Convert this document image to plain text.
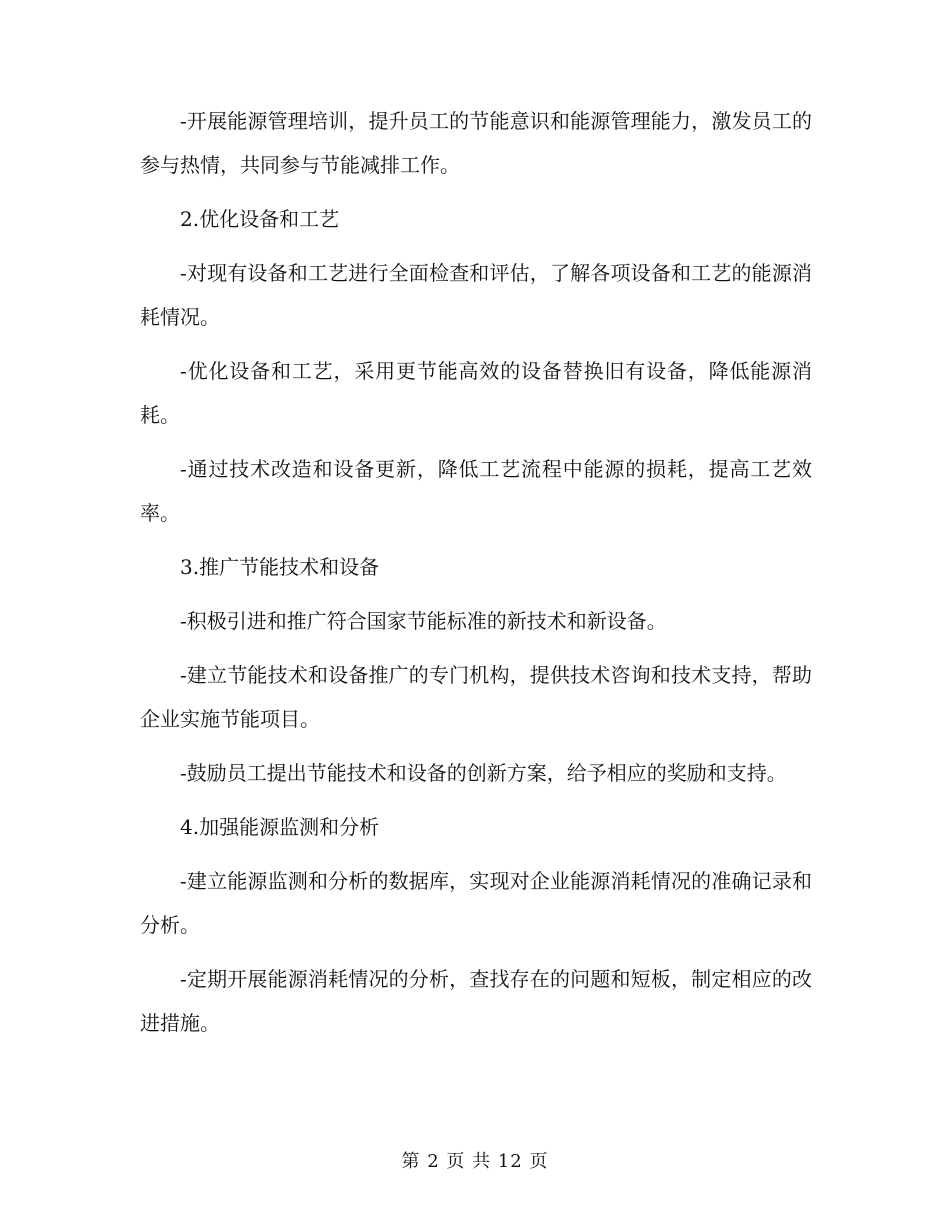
-开展能源管理培训，提升员工的节能意识和能源管理能力，激发员工的参与热情，共同参与节能减排工作。

2.优化设备和工艺

-对现有设备和工艺进行全面检查和评估，了解各项设备和工艺的能源消耗情况。

-优化设备和工艺，采用更节能高效的设备替换旧有设备，降低能源消耗。

-通过技术改造和设备更新，降低工艺流程中能源的损耗，提高工艺效率。

3.推广节能技术和设备

-积极引进和推广符合国家节能标准的新技术和新设备。

-建立节能技术和设备推广的专门机构，提供技术咨询和技术支持，帮助企业实施节能项目。

-鼓励员工提出节能技术和设备的创新方案，给予相应的奖励和支持。

4.加强能源监测和分析

-建立能源监测和分析的数据库，实现对企业能源消耗情况的准确记录和分析。

-定期开展能源消耗情况的分析，查找存在的问题和短板，制定相应的改进措施。

第 2 页 共 12 页
